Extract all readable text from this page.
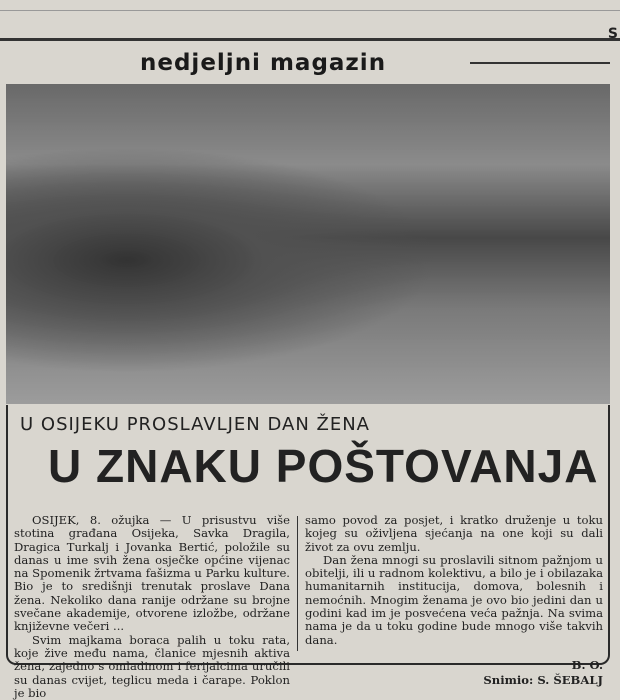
S
nedjeljni magazin
U OSIJEKU PROSLAVLJEN DAN ŽENA
U ZNAKU POŠTOVANJA

OSIJEK, 8. ožujka — U prisustvu više stotina građana Osijeka, Savka Dragila, Dragica Turkalj i Jovanka Bertić, položile su danas u ime svih žena osječke općine vijenac na Spomenik žrtvama fašizma u Parku kulture. Bio je to središnji trenutak proslave Dana žena. Nekoliko dana ranije održane su brojne svečane akademije, otvorene izložbe, održane književne večeri ...

Svim majkama boraca palih u toku rata, koje žive među nama, članice mjesnih aktiva žena, zajedno s omladinom i ferijalcima uručili su danas cvijet, teglicu meda i čarape. Poklon je bio

samo povod za posjet, i kratko druženje u toku kojeg su oživljena sjećanja na one koji su dali život za ovu zemlju.

Dan žena mnogi su proslavili sitnom pažnjom u obitelji, ili u radnom kolektivu, a bilo je i obilazaka humanitarnih institucija, domova, bolesnih i nemoćnih. Mnogim ženama je ovo bio jedini dan u godini kad im je posvećena veća pažnja. Na svima nama je da u toku godine bude mnogo više takvih dana.

B. O.
Snimio: S. ŠEBALJ
